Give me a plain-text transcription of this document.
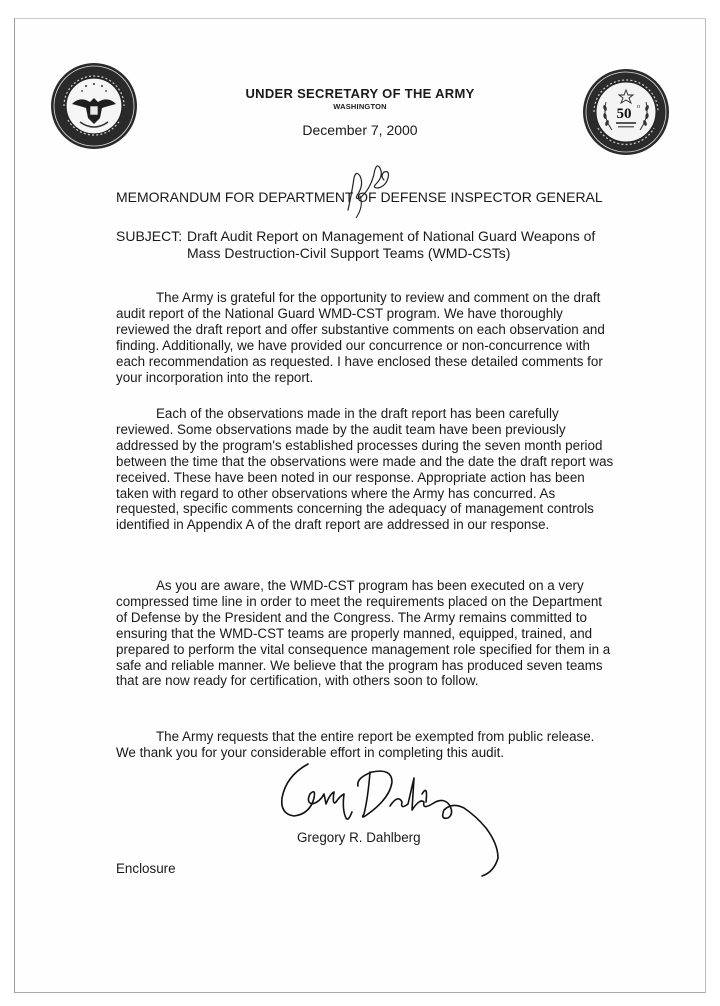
50 o
UNDER SECRETARY OF THE ARMY
WASHINGTON
December 7, 2000
MEMORANDUM FOR DEPARTMENT OF DEFENSE INSPECTOR GENERAL
SUBJECT: Draft Audit Report on Management of National Guard Weapons of Mass Destruction-Civil Support Teams (WMD-CSTs)
The Army is grateful for the opportunity to review and comment on the draft audit report of the National Guard WMD-CST program. We have thoroughly reviewed the draft report and offer substantive comments on each observation and finding. Additionally, we have provided our concurrence or non-concurrence with each recommendation as requested. I have enclosed these detailed comments for your incorporation into the report.
Each of the observations made in the draft report has been carefully reviewed. Some observations made by the audit team have been previously addressed by the program's established processes during the seven month period between the time that the observations were made and the date the draft report was received. These have been noted in our response. Appropriate action has been taken with regard to other observations where the Army has concurred. As requested, specific comments concerning the adequacy of management controls identified in Appendix A of the draft report are addressed in our response.
As you are aware, the WMD-CST program has been executed on a very compressed time line in order to meet the requirements placed on the Department of Defense by the President and the Congress. The Army remains committed to ensuring that the WMD-CST teams are properly manned, equipped, trained, and prepared to perform the vital consequence management role specified for them in a safe and reliable manner. We believe that the program has produced seven teams that are now ready for certification, with others soon to follow.
The Army requests that the entire report be exempted from public release. We thank you for your considerable effort in completing this audit.
Gregory R. Dahlberg
Enclosure
